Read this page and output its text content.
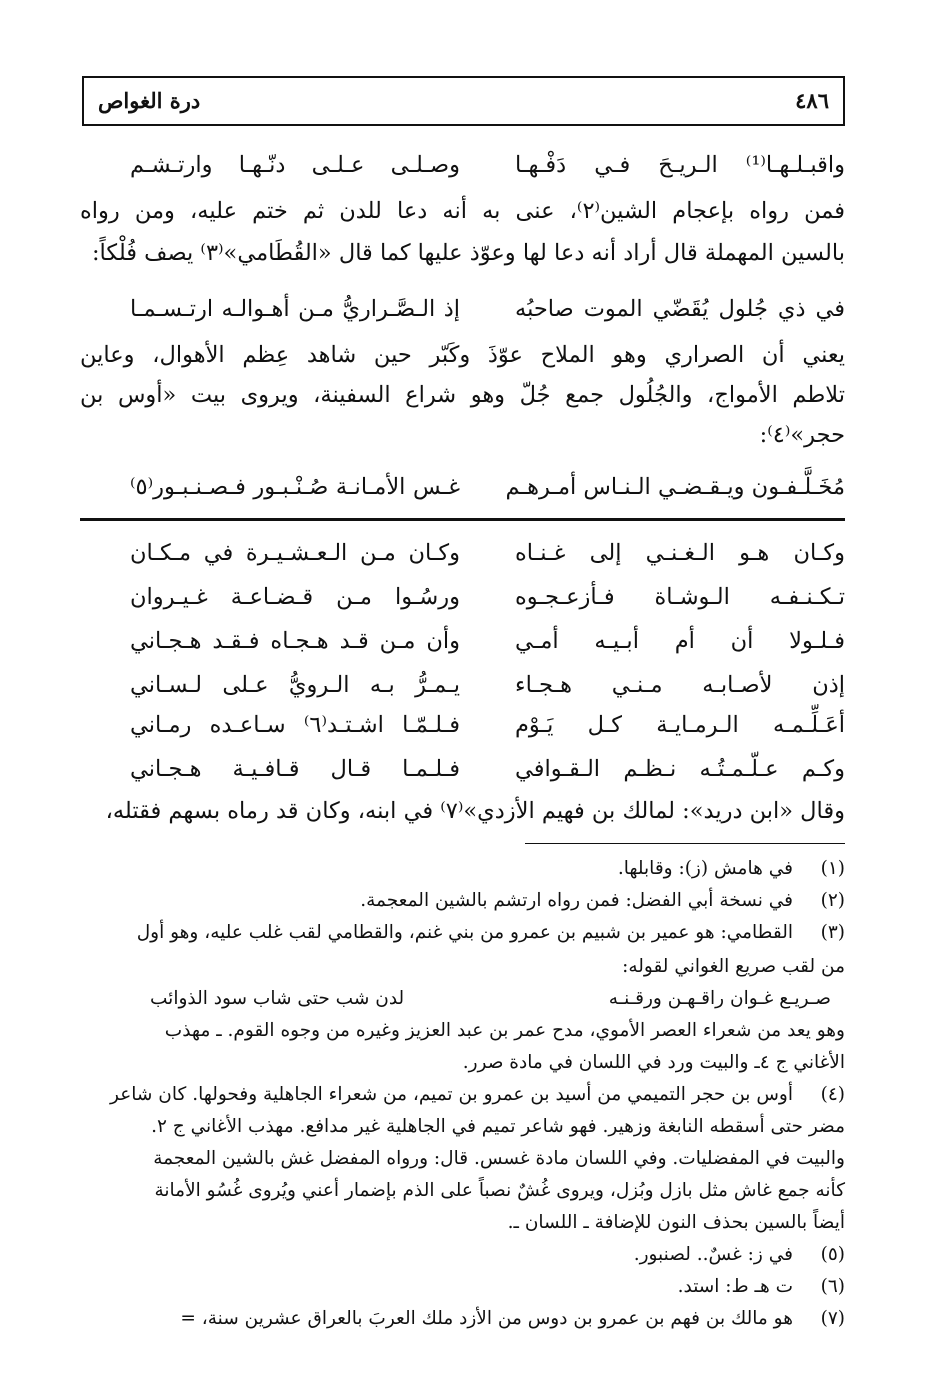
٤٨٦
درة الغواص
واقبـلـهـا⁽¹⁾ الـريـحَ فـي دَفْـهـا
وصـلـى عـلـى دنّـهـا وارتـشـم
فمن رواه بإعجام الشين⁽٢⁾، عنى به أنه دعا للدن ثم ختم عليه، ومن رواه
بالسين المهملة قال أراد أنه دعا لها وعوّذ عليها كما قال «القُطَامي»⁽٣⁾ يصف فُلْكاً:
في ذي جُلول يُقَضّي الموت صاحبُه
إذ الـصَّـراريُّ مـن أهـوالـه ارتـسـمـا
يعني أن الصراري وهو الملاح عوّذَ وكَبّر حين شاهد عِظم الأهوال، وعاين
تلاطم الأمواج، والجُلُول جمع جُلّ وهو شراع السفينة، ويروى بيت «أوس بن
حجر»⁽٤⁾:
مُخَـلَّـفـون ويـقـضـي الـنـاس أمـرهـم
غـس الأمـانـة صُـنْـبـور فـصـنـبـور⁽٥⁾
وكـان هـو الـغـنـي إلى غـنـاه
وكـان مـن الـعـشـيـرة في مـكـان
تـكـنـفـه الـوشـاة فـأزعـجـوه
ورسُـوا مـن قـضـاعـة غـيـروان
فـلـولا أن أم أبـيـه أمـي
وأن مـن قـد هـجـاه فـقـد هـجـاني
إذن لأصـابـه مـنـي هـجـاء
يـمـرُّ بـه الـرويُّ عـلى لـسـاني
أعَـلِّـمـه الـرمـايـة كـل يَـوْم
فـلـمّـا اشـتـد⁽٦⁾ سـاعـده رمـاني
وكـم عـلّـمـتُـه نـظـم الـقـوافي
فـلـمـا قـال قـافـيـة هـجـاني
وقال «ابن دريد»: لمالك بن فهيم الأزدي»⁽٧⁾ في ابنه، وكان قد رماه بسهم فقتله،
(١)
في هامش (ز): وقابلها.
(٢)
في نسخة أبي الفضل: فمن رواه ارتشم بالشين المعجمة.
(٣)
القطامي: هو عمير بن شبيم بن عمرو من بني غنم، والقطامي لقب غلب عليه، وهو أول
من لقب صريع الغواني لقوله:
صـريـع غـوان راقـهـن ورقـنـه
لدن شب حتى شاب سود الذوائب
وهو يعد من شعراء العصر الأموي، مدح عمر بن عبد العزيز وغيره من وجوه القوم. ـ مهذب
الأغاني ج ٤ـ والبيت ورد في اللسان في مادة صرر.
(٤)
أوس بن حجر التميمي من أسيد بن عمرو بن تميم، من شعراء الجاهلية وفحولها. كان شاعر
مضر حتى أسقطه النابغة وزهير. فهو شاعر تميم في الجاهلية غير مدافع. مهذب الأغاني ج ٢.
والبيت في المفضليات. وفي اللسان مادة غسس. قال: ورواه المفضل غش بالشين المعجمة
كأنه جمع غاش مثل بازل وبُزل، ويروى غُشٌ نصباً على الذم بإضمار أعني ويُروى غُسُو الأمانة
أيضاً بالسين بحذف النون للإضافة ـ اللسان ـ.
(٥)
في ز: غسٌ.. لصنبور.
(٦)
ت هـ ط: استد.
(٧)
هو مالك بن فهم بن عمرو بن دوس من الأزد ملك العربَ بالعراق عشرين سنة، =
